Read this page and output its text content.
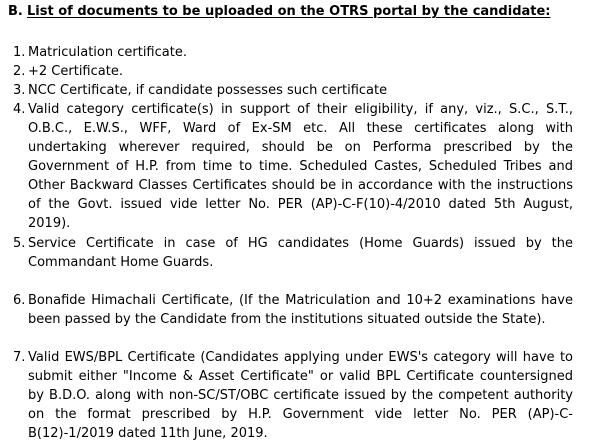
B. List of documents to be uploaded on the OTRS portal by the candidate:
1. Matriculation certificate.
2. +2 Certificate.
3. NCC Certificate, if candidate possesses such certificate
4. Valid category certificate(s) in support of their eligibility, if any, viz., S.C., S.T., O.B.C., E.W.S., WFF, Ward of Ex-SM etc. All these certificates along with undertaking wherever required, should be on Performa prescribed by the Government of H.P. from time to time. Scheduled Castes, Scheduled Tribes and Other Backward Classes Certificates should be in accordance with the instructions of the Govt. issued vide letter No. PER (AP)-C-F(10)-4/2010 dated 5th August, 2019).
5. Service Certificate in case of HG candidates (Home Guards) issued by the Commandant Home Guards.
6. Bonafide Himachali Certificate, (If the Matriculation and 10+2 examinations have been passed by the Candidate from the institutions situated outside the State).
7. Valid EWS/BPL Certificate (Candidates applying under EWS's category will have to submit either "Income & Asset Certificate" or valid BPL Certificate countersigned by B.D.O. along with non-SC/ST/OBC certificate issued by the competent authority on the format prescribed by H.P. Government vide letter No. PER (AP)-C-B(12)-1/2019 dated 11th June, 2019.
